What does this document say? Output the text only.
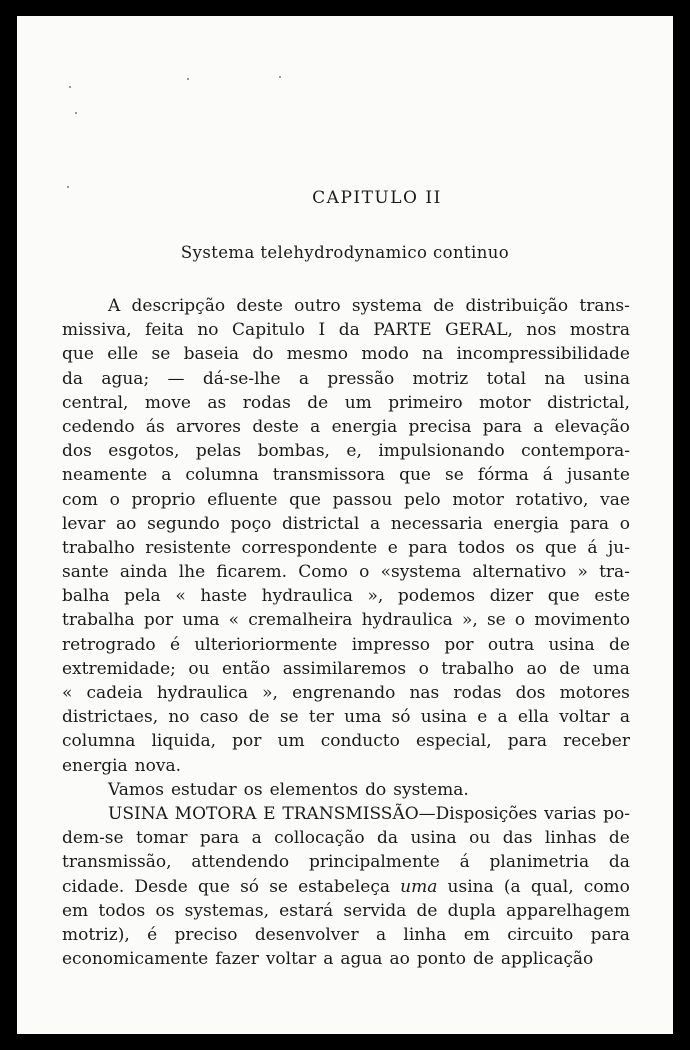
CAPITULO II
Systema telehydrodynamico continuo
A descripção deste outro systema de distribuição trans-
missiva, feita no Capitulo I da PARTE GERAL, nos mostra
que elle se baseia do mesmo modo na incompressibilidade
da agua; — dá-se-lhe a pressão motriz total na usina
central, move as rodas de um primeiro motor districtal,
cedendo ás arvores deste a energia precisa para a elevação
dos esgotos, pelas bombas, e, impulsionando contempora-
neamente a columna transmissora que se fórma á jusante
com o proprio efluente que passou pelo motor rotativo, vae
levar ao segundo poço districtal a necessaria energia para o
trabalho resistente correspondente e para todos os que á ju-
sante ainda lhe ficarem. Como o «systema alternativo » tra-
balha pela « haste hydraulica », podemos dizer que este
trabalha por uma « cremalheira hydraulica », se o movimento
retrogrado é ulterioriormente impresso por outra usina de
extremidade; ou então assimilaremos o trabalho ao de uma
« cadeia hydraulica », engrenando nas rodas dos motores
districtaes, no caso de se ter uma só usina e a ella voltar a
columna liquida, por um conducto especial, para receber
energia nova.
Vamos estudar os elementos do systema.
USINA MOTORA E TRANSMISSÃO—Disposições varias po-
dem-se tomar para a collocação da usina ou das linhas de
transmissão, attendendo principalmente á planimetria da
cidade. Desde que só se estabeleça uma usina (a qual, como
em todos os systemas, estará servida de dupla apparelhagem
motriz), é preciso desenvolver a linha em circuito para
economicamente fazer voltar a agua ao ponto de applicação
